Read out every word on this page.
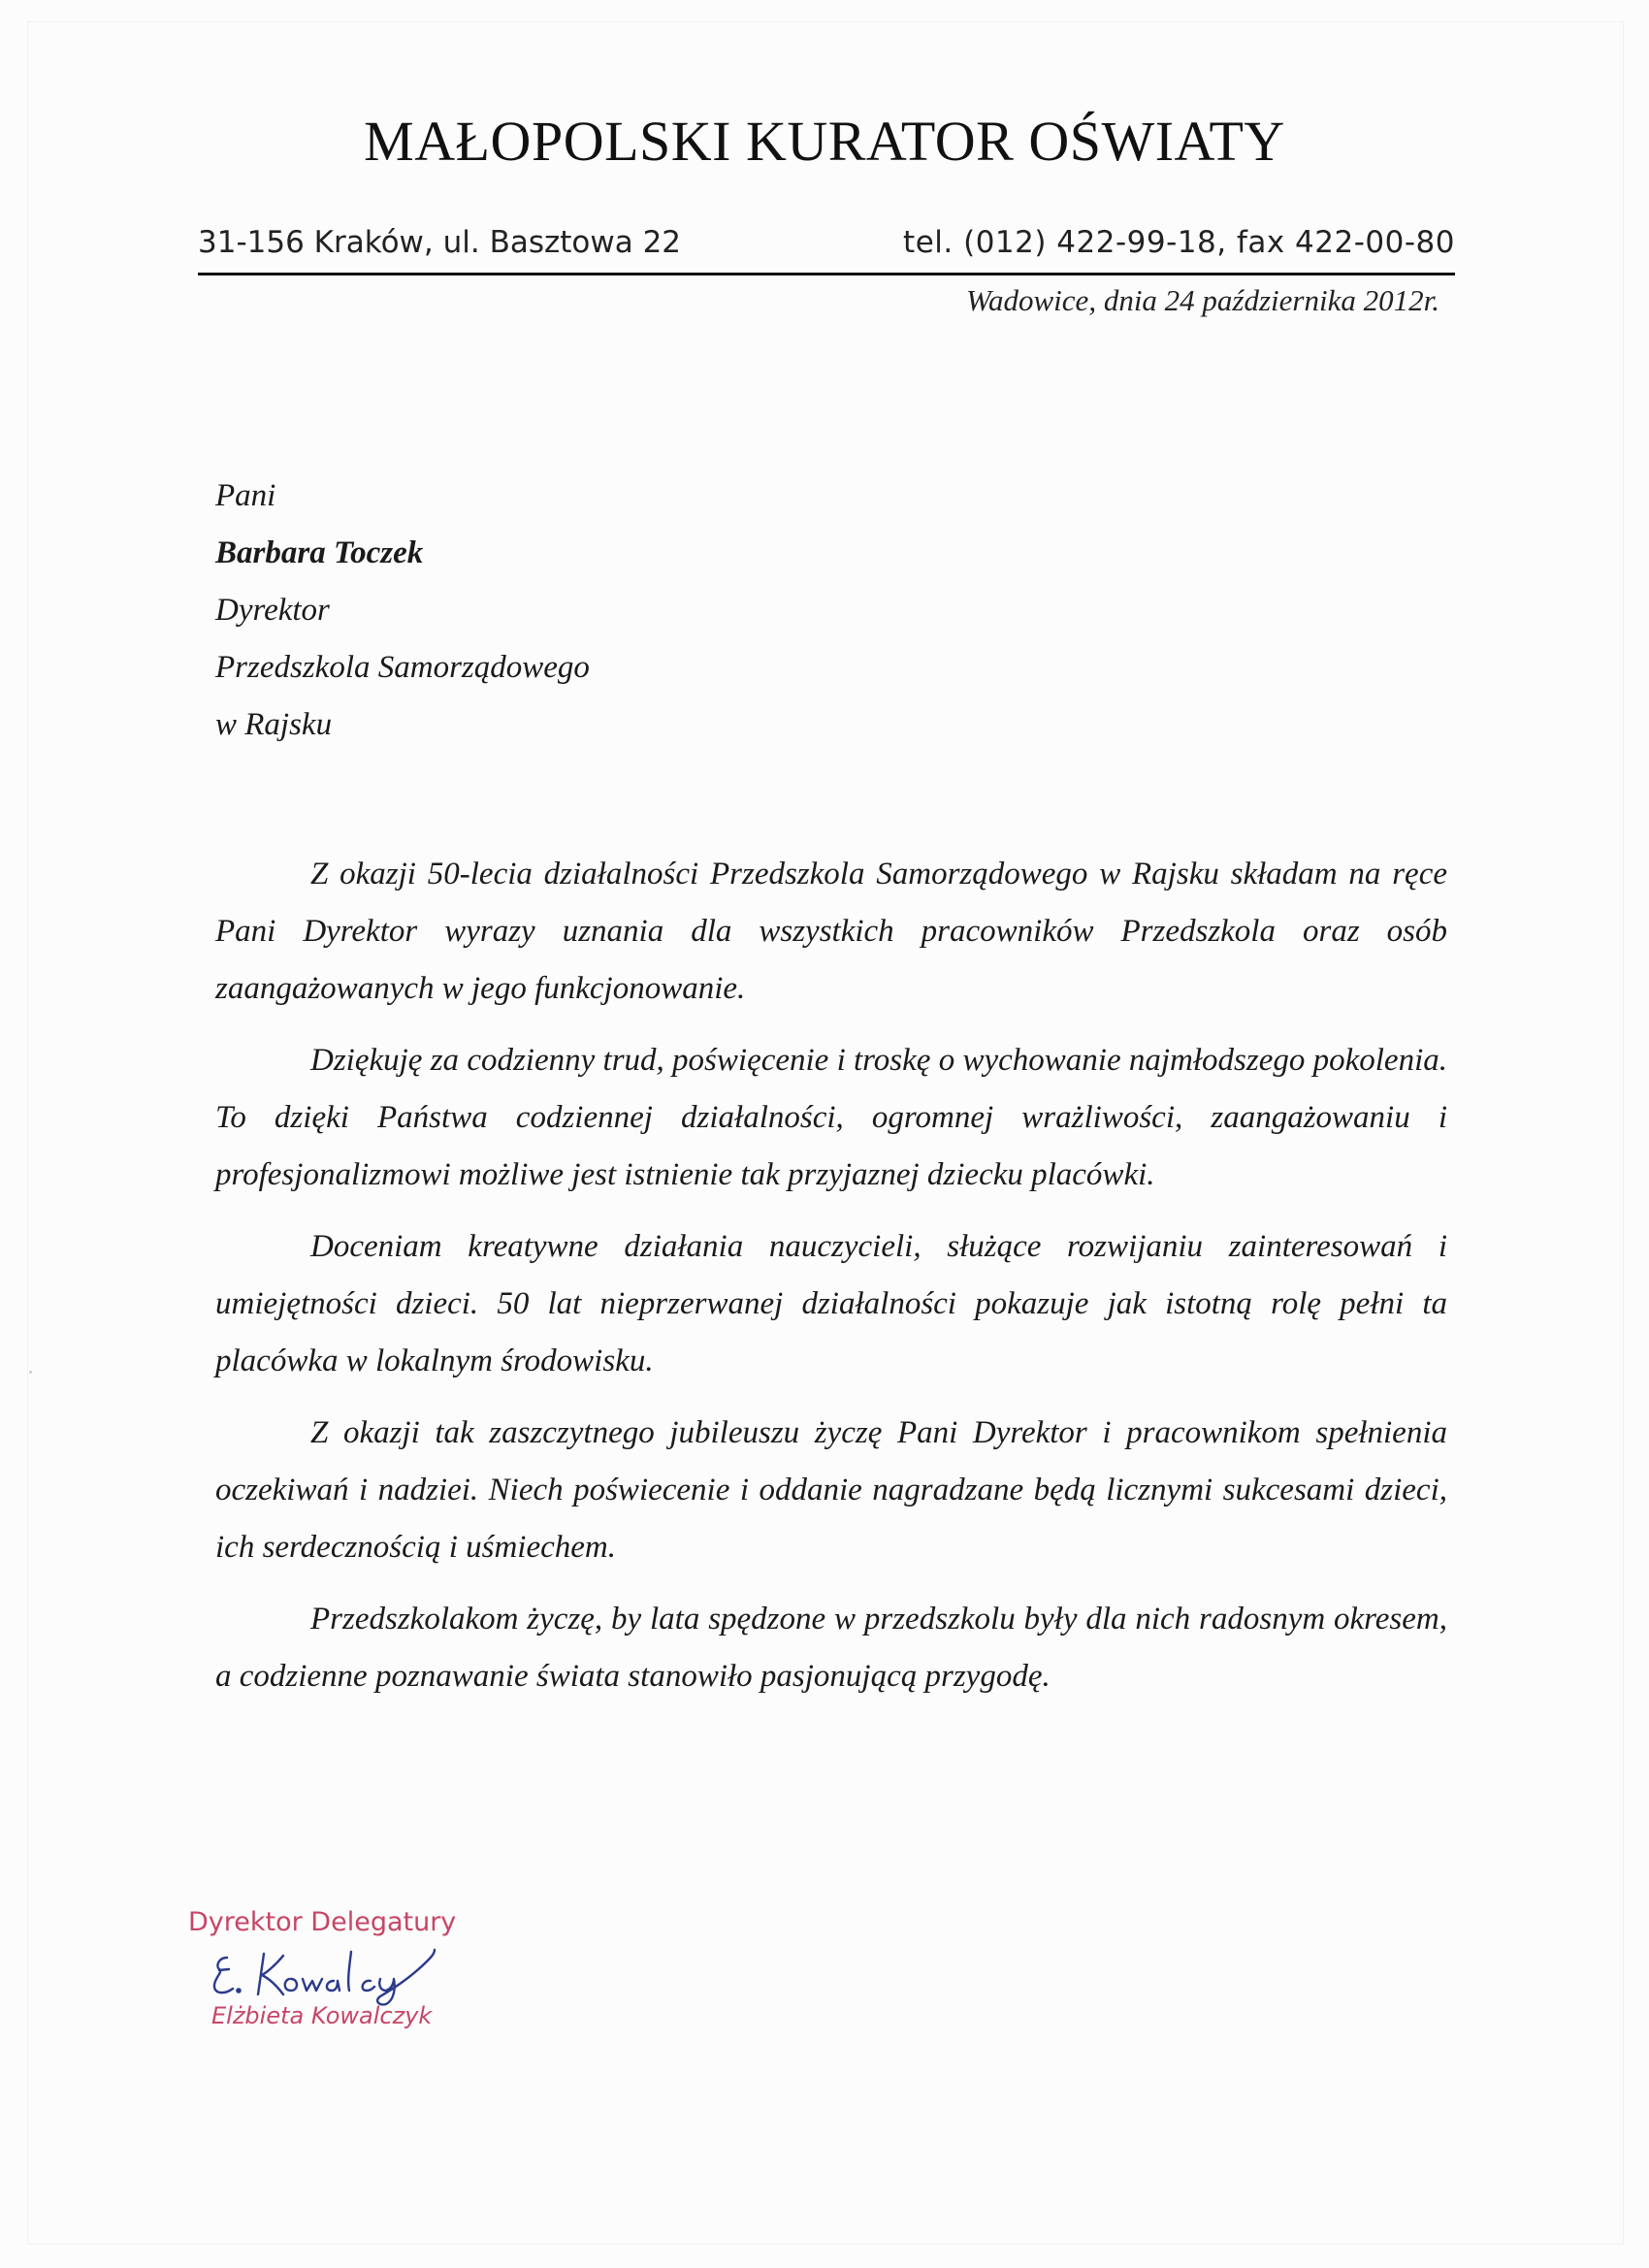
MAŁOPOLSKI KURATOR OŚWIATY
31-156 Kraków, ul. Basztowa 22	tel. (012) 422-99-18, fax 422-00-80
Wadowice, dnia 24 października 2012r.
Pani
Barbara Toczek
Dyrektor
Przedszkola Samorządowego
w Rajsku

Z okazji 50-lecia działalności Przedszkola Samorządowego w Rajsku składam na ręce Pani Dyrektor wyrazy uznania dla wszystkich pracowników Przedszkola oraz osób zaangażowanych w jego funkcjonowanie.

Dziękuję za codzienny trud, poświęcenie i troskę o wychowanie najmłodszego pokolenia. To dzięki Państwa codziennej działalności, ogromnej wrażliwości, zaangażowaniu i profesjonalizmowi możliwe jest istnienie tak przyjaznej dziecku placówki.

Doceniam kreatywne działania nauczycieli, służące rozwijaniu zainteresowań i umiejętności dzieci. 50 lat nieprzerwanej działalności pokazuje jak istotną rolę pełni ta placówka w lokalnym środowisku.

Z okazji tak zaszczytnego jubileuszu życzę Pani Dyrektor i pracownikom spełnienia oczekiwań i nadziei. Niech poświecenie i oddanie nagradzane będą licznymi sukcesami dzieci, ich serdecznością i uśmiechem.

Przedszkolakom życzę, by lata spędzone w przedszkolu były dla nich radosnym okresem, a codzienne poznawanie świata stanowiło pasjonującą przygodę.

Dyrektor Delegatury
Elżbieta Kowalczyk
